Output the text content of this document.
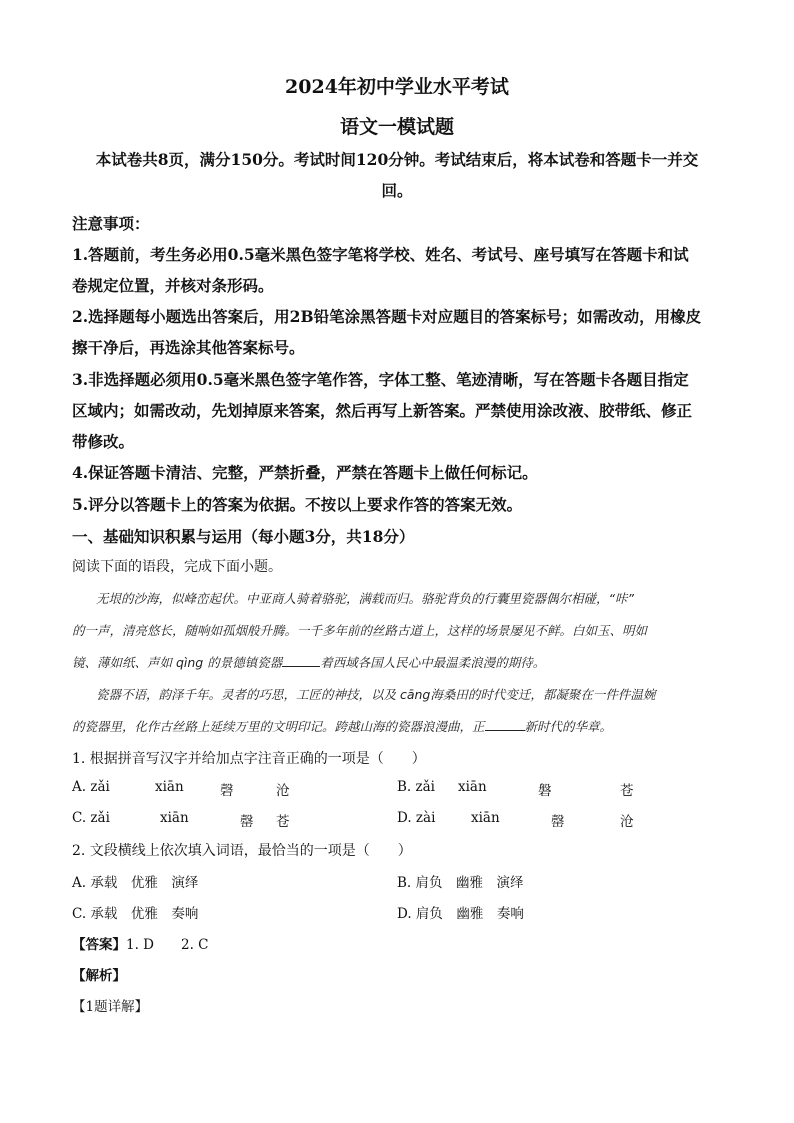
2024年初中学业水平考试
语文一模试题
本试卷共8页，满分150分。考试时间120分钟。考试结束后，将本试卷和答题卡一并交
回。
注意事项：
1.答题前，考生务必用0.5毫米黑色签字笔将学校、姓名、考试号、座号填写在答题卡和试
卷规定位置，并核对条形码。
2.选择题每小题选出答案后，用2B铅笔涂黑答题卡对应题目的答案标号；如需改动，用橡皮
擦干净后，再选涂其他答案标号。
3.非选择题必须用0.5毫米黑色签字笔作答，字体工整、笔迹清晰，写在答题卡各题目指定
区域内；如需改动，先划掉原来答案，然后再写上新答案。严禁使用涂改液、胶带纸、修正
带修改。
4.保证答题卡清洁、完整，严禁折叠，严禁在答题卡上做任何标记。
5.评分以答题卡上的答案为依据。不按以上要求作答的答案无效。
一、基础知识积累与运用（每小题3分，共18分）
阅读下面的语段，完成下面小题。
无垠的沙海，似峰峦起伏。中亚商人骑着骆驼，满载而归。骆驼背负的行囊里瓷器偶尔相碰，“咔”
的一声，清亮悠长，随响如孤烟般升腾。一千多年前的丝路古道上，这样的场景屡见不鲜。白如玉、明如
镜、薄如纸、声如 qìng 的景德镇瓷器	着西域各国人民心中最温柔浪漫的期待。
瓷器不语，韵泽千年。灵者的巧思，工匠的神技，以及 cāng海桑田的时代变迁，都凝聚在一件件温婉
的瓷器里，化作古丝路上延续万里的文明印记。跨越山海的瓷器浪漫曲，正	新时代的华章。
1. 根据拼音写汉字并给加点字注音正确的一项是（　　）
A. zǎi	xiān	磬	沧	B. zǎi xiān	磐	苍
C. zǎi	xiān	罄 苍	D. zài	xiān	罄	沧
2. 文段横线上依次填入词语，最恰当的一项是（　　）
A. 承载　优雅　演绎	B. 肩负　幽雅　演绎
C. 承载　优雅　奏响	D. 肩负　幽雅　奏响
【答案】1. D　　2. C
【解析】
【1题详解】
